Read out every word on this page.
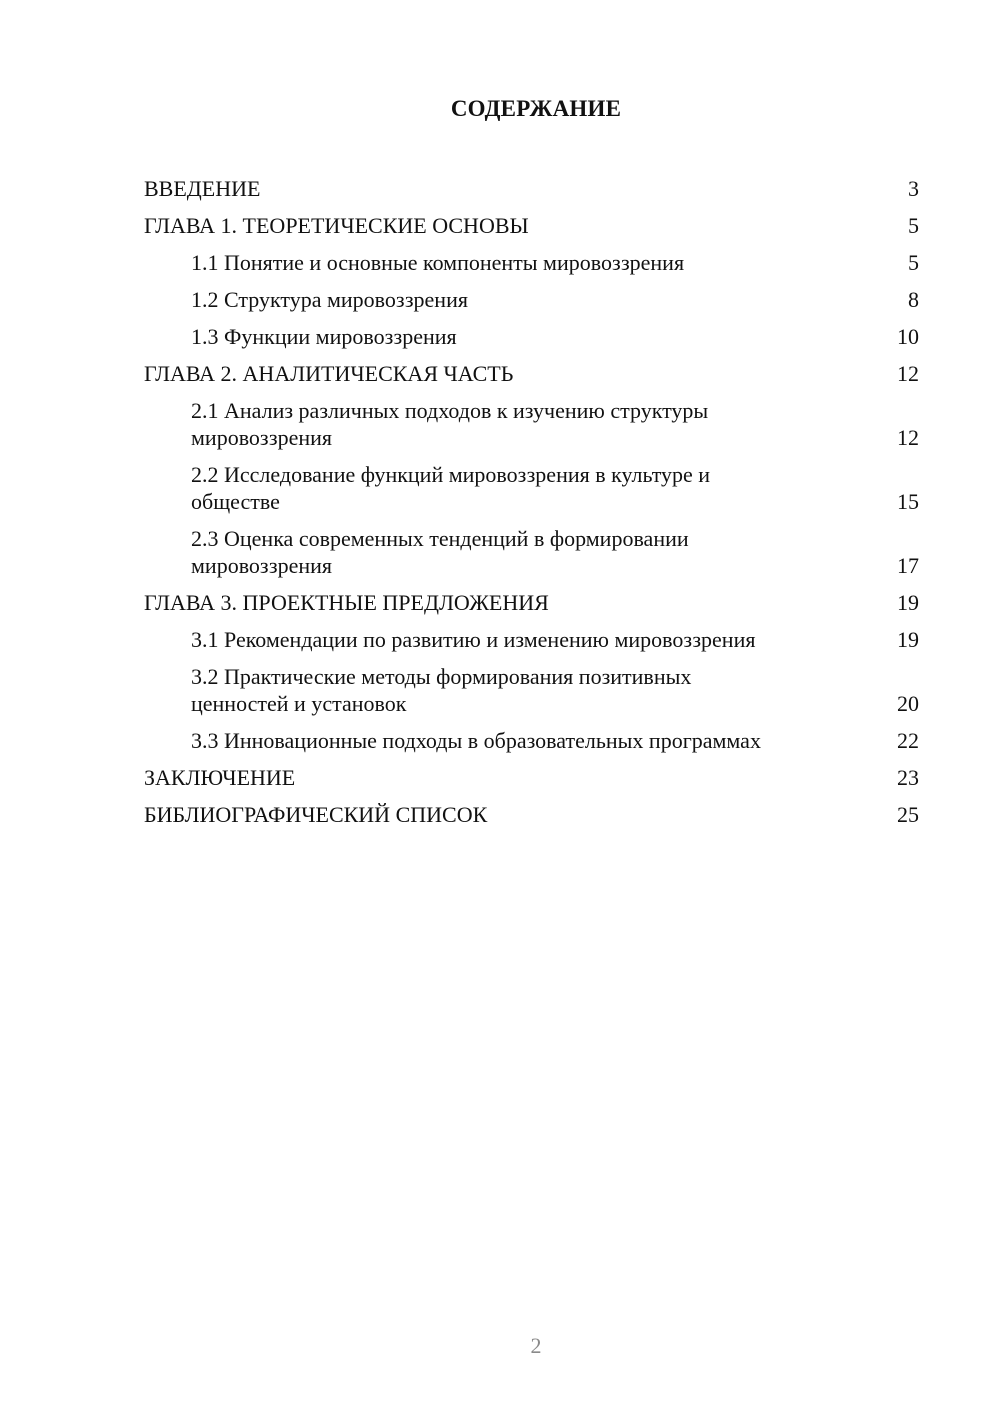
СОДЕРЖАНИЕ
ВВЕДЕНИЕ	3
ГЛАВА 1. ТЕОРЕТИЧЕСКИЕ ОСНОВЫ	5
1.1 Понятие и основные компоненты мировоззрения	5
1.2 Структура мировоззрения	8
1.3 Функции мировоззрения	10
ГЛАВА 2. АНАЛИТИЧЕСКАЯ ЧАСТЬ	12
2.1 Анализ различных подходов к изучению структуры мировоззрения	12
2.2 Исследование функций мировоззрения в культуре и обществе	15
2.3 Оценка современных тенденций в формировании мировоззрения	17
ГЛАВА 3. ПРОЕКТНЫЕ ПРЕДЛОЖЕНИЯ	19
3.1 Рекомендации по развитию и изменению мировоззрения	19
3.2 Практические методы формирования позитивных ценностей и установок	20
3.3 Инновационные подходы в образовательных программах	22
ЗАКЛЮЧЕНИЕ	23
БИБЛИОГРАФИЧЕСКИЙ СПИСОК	25
2
